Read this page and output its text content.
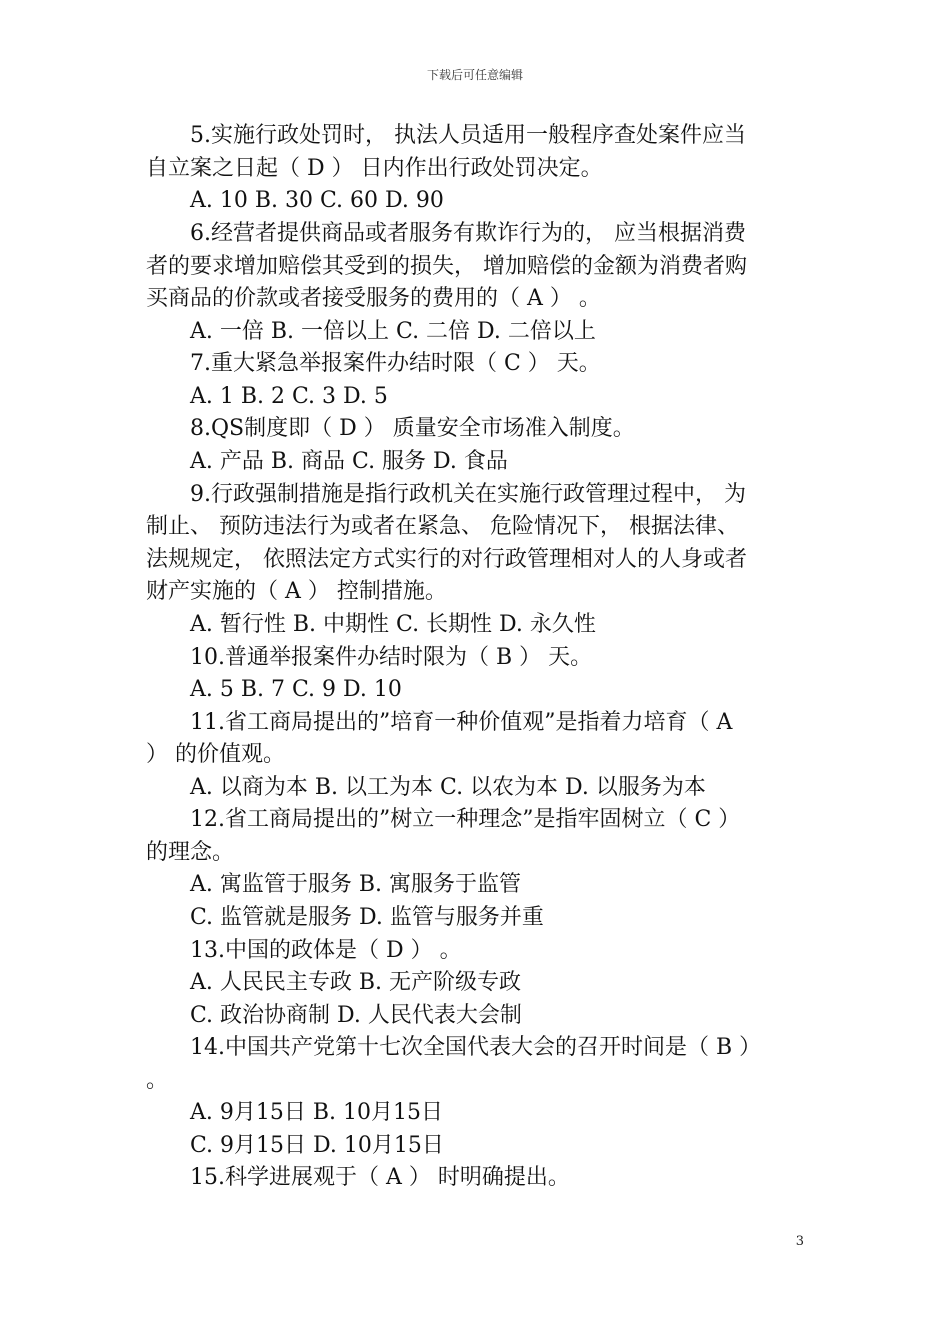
下载后可任意编辑
5.实施行政处罚时， 执法人员适用一般程序查处案件应当
自立案之日起（ D ） 日内作出行政处罚决定。
A. 10 B. 30 C. 60 D. 90
6.经营者提供商品或者服务有欺诈行为的， 应当根据消费
者的要求增加赔偿其受到的损失， 增加赔偿的金额为消费者购
买商品的价款或者接受服务的费用的（ A ） 。
A. 一倍 B. 一倍以上 C. 二倍 D. 二倍以上
7.重大紧急举报案件办结时限（ C ） 天。
A. 1 B. 2 C. 3 D. 5
8.QS制度即（ D ） 质量安全市场准入制度。
A. 产品 B. 商品 C. 服务 D. 食品
9.行政强制措施是指行政机关在实施行政管理过程中， 为
制止、 预防违法行为或者在紧急、 危险情况下， 根据法律、
法规规定， 依照法定方式实行的对行政管理相对人的人身或者
财产实施的（ A ） 控制措施。
A. 暂行性 B. 中期性 C. 长期性 D. 永久性
10.普通举报案件办结时限为（ B ） 天。
A. 5 B. 7 C. 9 D. 10
11.省工商局提出的”培育一种价值观”是指着力培育（ A
） 的价值观。
A. 以商为本 B. 以工为本 C. 以农为本 D. 以服务为本
12.省工商局提出的”树立一种理念”是指牢固树立（ C ）
的理念。
A. 寓监管于服务 B. 寓服务于监管
C. 监管就是服务 D. 监管与服务并重
13.中国的政体是（ D ） 。
A. 人民民主专政 B. 无产阶级专政
C. 政治协商制 D. 人民代表大会制
14.中国共产党第十七次全国代表大会的召开时间是（ B ）
。
A. 9月15日 B. 10月15日
C. 9月15日 D. 10月15日
15.科学进展观于（ A ） 时明确提出。
3
